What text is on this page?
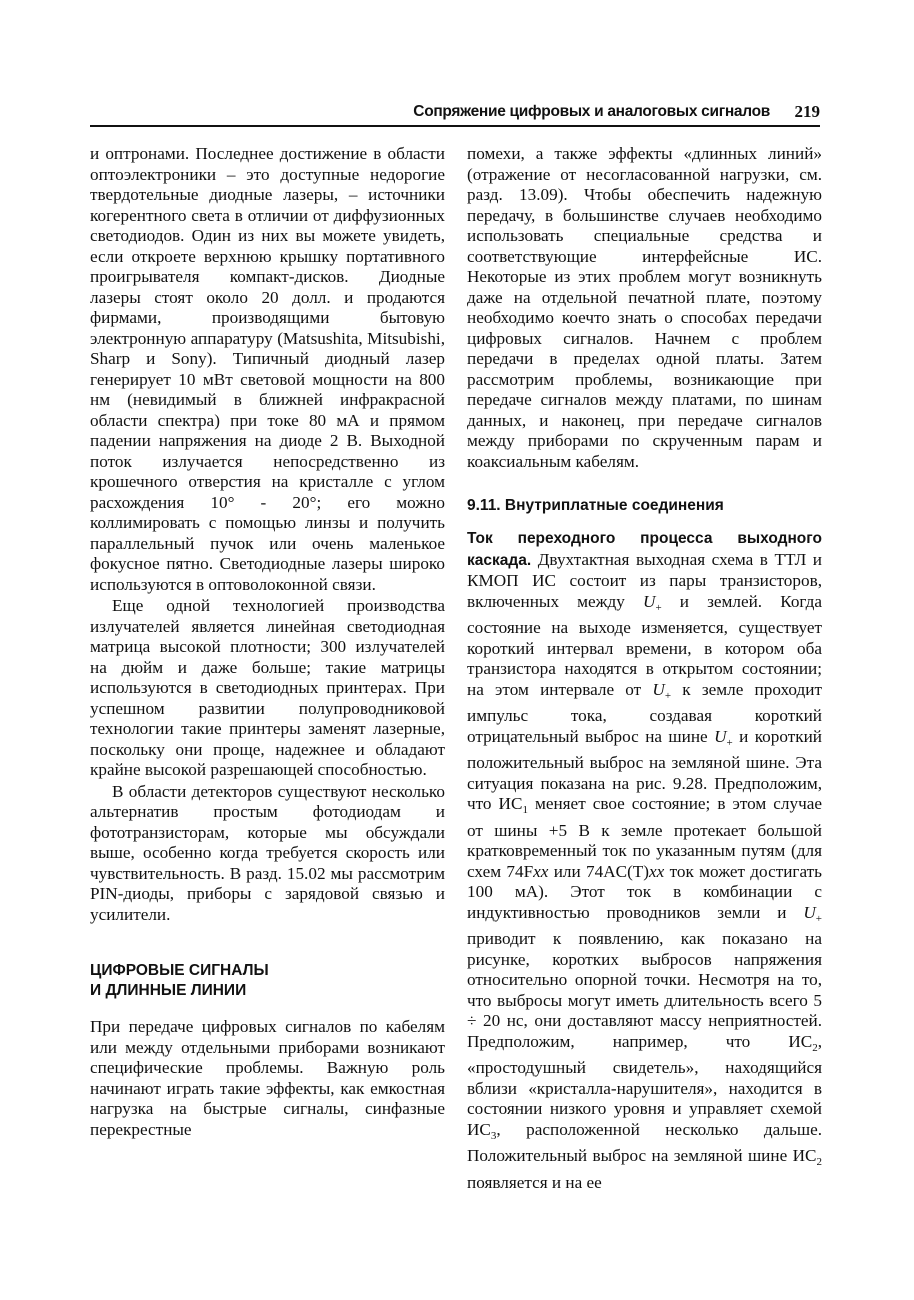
Сопряжение цифровых и аналоговых сигналов 219

и оптронами. Последнее достижение в области оптоэлектроники – это доступные недорогие твердотельные диодные лазеры, – источники когерентного света в отличии от диффузионных светодиодов. Один из них вы можете увидеть, если откроете верхнюю крышку портативного проигрывателя компакт-дисков. Диодные лазеры стоят около 20 долл. и продаются фирмами, производящими бытовую электронную аппаратуру (Matsushita, Mitsubishi, Sharp и Sony). Типичный диодный лазер генерирует 10 мВт световой мощности на 800 нм (невидимый в ближней инфракрасной области спектра) при токе 80 мА и прямом падении напряжения на диоде 2 В. Выходной поток излучается непосредственно из крошечного отверстия на кристалле с углом расхождения 10° - 20°; его можно коллимировать с помощью линзы и получить параллельный пучок или очень маленькое фокусное пятно. Светодиодные лазеры широко используются в оптоволоконной связи.

Еще одной технологией производства излучателей является линейная светодиодная матрица высокой плотности; 300 излучателей на дюйм и даже больше; такие матрицы используются в светодиодных принтерах. При успешном развитии полупроводниковой технологии такие принтеры заменят лазерные, поскольку они проще, надежнее и обладают крайне высокой разрешающей способностью.

В области детекторов существуют несколько альтернатив простым фотодиодам и фототранзисторам, которые мы обсуждали выше, особенно когда требуется скорость или чувствительность. В разд. 15.02 мы рассмотрим PIN-диоды, приборы с зарядовой связью и усилители.

ЦИФРОВЫЕ СИГНАЛЫ
И ДЛИННЫЕ ЛИНИИ

При передаче цифровых сигналов по кабелям или между отдельными приборами возникают специфические проблемы. Важную роль начинают играть такие эффекты, как емкостная нагрузка на быстрые сигналы, синфазные перекрестные

помехи, а также эффекты «длинных линий» (отражение от несогласованной нагрузки, см. разд. 13.09). Чтобы обеспечить надежную передачу, в большинстве случаев необходимо использовать специальные средства и соответствующие интерфейсные ИС. Некоторые из этих проблем могут возникнуть даже на отдельной печатной плате, поэтому необходимо коечто знать о способах передачи цифровых сигналов. Начнем с проблем передачи в пределах одной платы. Затем рассмотрим проблемы, возникающие при передаче сигналов между платами, по шинам данных, и наконец, при передаче сигналов между приборами по скрученным парам и коаксиальным кабелям.

9.11. Внутриплатные соединения

Ток переходного процесса выходного каскада. Двухтактная выходная схема в ТТЛ и КМОП ИС состоит из пары транзисторов, включенных между $U_+$ и землей. Когда состояние на выходе изменяется, существует короткий интервал времени, в котором оба транзистора находятся в открытом состоянии; на этом интервале от $U_+$ к земле проходит импульс тока, создавая короткий отрицательный выброс на шине $U_+$ и короткий положительный выброс на земляной шине. Эта ситуация показана на рис. 9.28. Предположим, что $ИС_1$ меняет свое состояние; в этом случае от шины +5 В к земле протекает большой кратковременный ток по указанным путям (для схем 74Fxx или 74AC(T)xx ток может достигать 100 мА). Этот ток в комбинации с индуктивностью проводников земли и $U_+$ приводит к появлению, как показано на рисунке, коротких выбросов напряжения относительно опорной точки. Несмотря на то, что выбросы могут иметь длительность всего 5 ÷ 20 нс, они доставляют массу неприятностей. Предположим, например, что $ИС_2$, «простодушный свидетель», находящийся вблизи «кристалла-нарушителя», находится в состоянии низкого уровня и управляет схемой $ИС_3$, расположенной несколько дальше. Положительный выброс на земляной шине $ИС_2$ появляется и на ее
